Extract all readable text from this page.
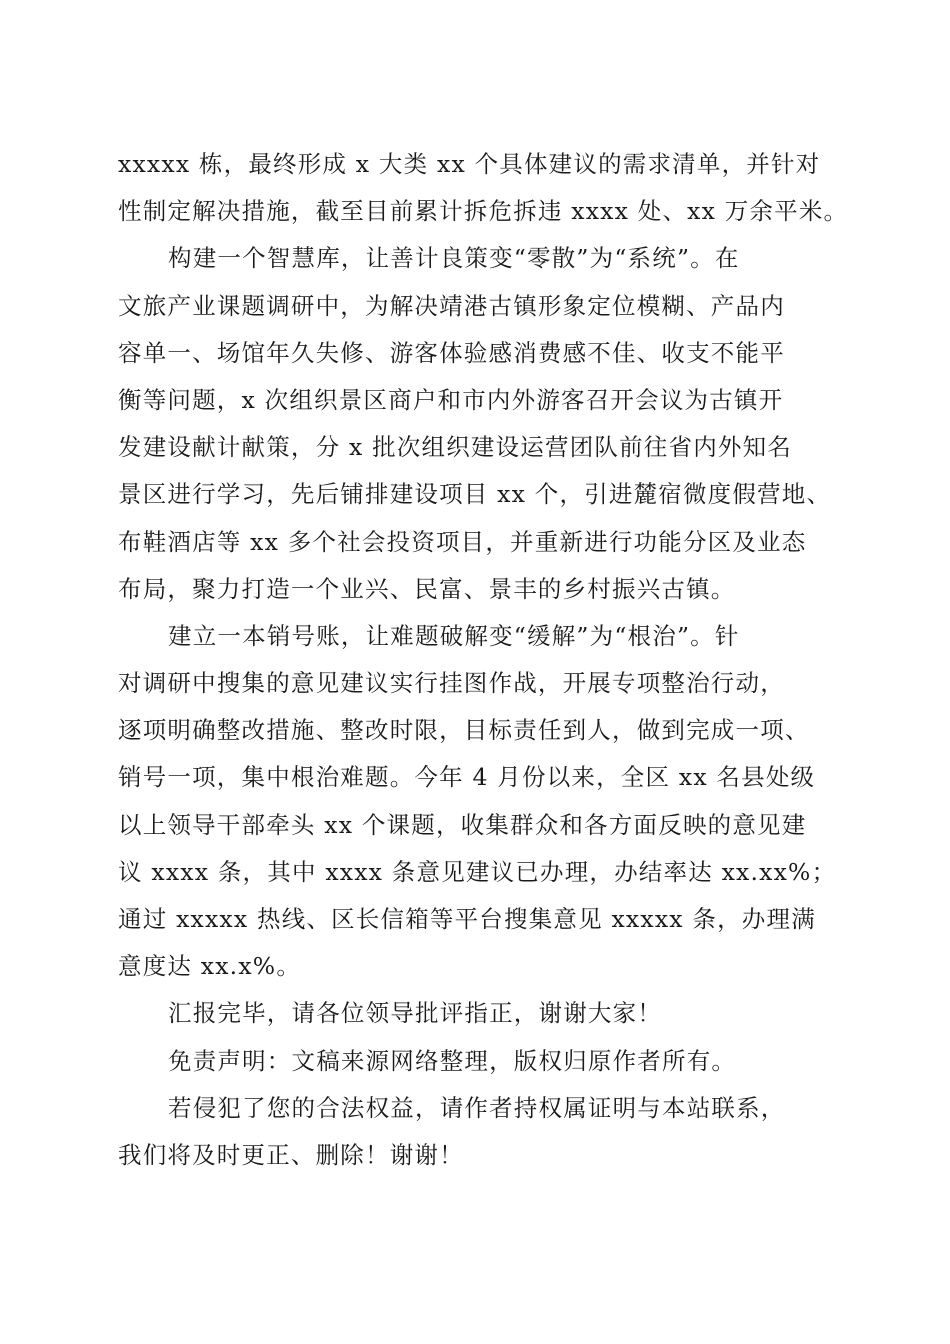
xxxxx 栋，最终形成 x 大类 xx 个具体建议的需求清单，并针对
性制定解决措施，截至目前累计拆危拆违 xxxx 处、xx 万余平米。
构建一个智慧库，让善计良策变“零散”为“系统”。在
文旅产业课题调研中，为解决靖港古镇形象定位模糊、产品内
容单一、场馆年久失修、游客体验感消费感不佳、收支不能平
衡等问题，x 次组织景区商户和市内外游客召开会议为古镇开
发建设献计献策，分 x 批次组织建设运营团队前往省内外知名
景区进行学习，先后铺排建设项目 xx 个，引进麓宿微度假营地、
布鞋酒店等 xx 多个社会投资项目，并重新进行功能分区及业态
布局，聚力打造一个业兴、民富、景丰的乡村振兴古镇。
建立一本销号账，让难题破解变“缓解”为“根治”。针
对调研中搜集的意见建议实行挂图作战，开展专项整治行动，
逐项明确整改措施、整改时限，目标责任到人，做到完成一项、
销号一项，集中根治难题。今年 4 月份以来，全区 xx 名县处级
以上领导干部牵头 xx 个课题，收集群众和各方面反映的意见建
议 xxxx 条，其中 xxxx 条意见建议已办理，办结率达 xx.xx%；
通过 xxxxx 热线、区长信箱等平台搜集意见 xxxxx 条，办理满
意度达 xx.x%。
汇报完毕，请各位领导批评指正，谢谢大家！
免责声明：文稿来源网络整理，版权归原作者所有。
若侵犯了您的合法权益，请作者持权属证明与本站联系，
我们将及时更正、删除！谢谢！
